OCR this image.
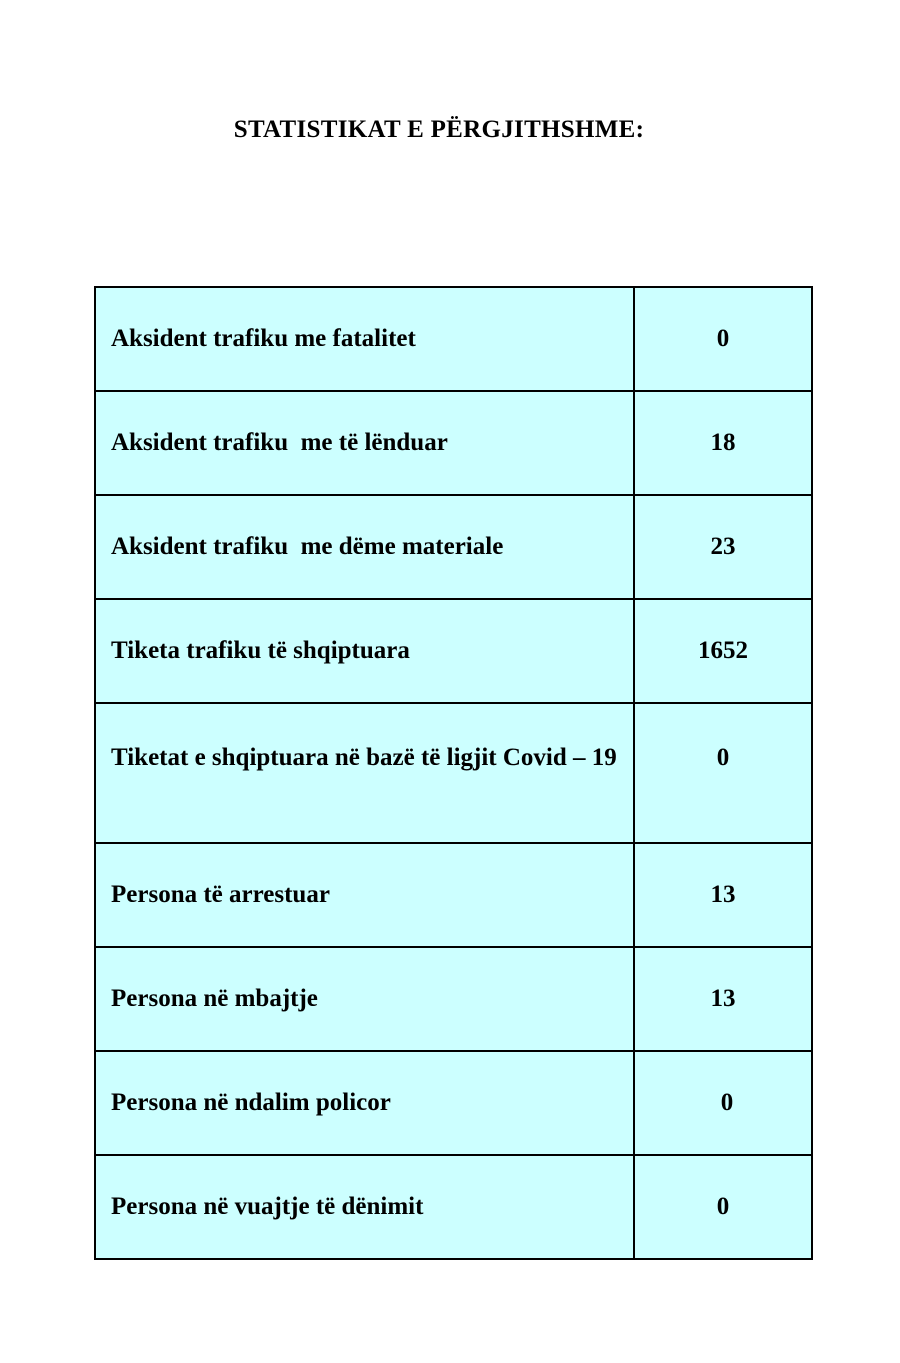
STATISTIKAT E PËRGJITHSHME:
Aksident trafiku me fatalitet	0
Aksident trafiku  me të lënduar	18
Aksident trafiku  me dëme materiale	23
Tiketa trafiku të shqiptuara	1652
Tiketat e shqiptuara në bazë të ligjit Covid – 19	0
Persona të arrestuar	13
Persona në mbajtje	13
Persona në ndalim policor	0
Persona në vuajtje të dënimit	0
